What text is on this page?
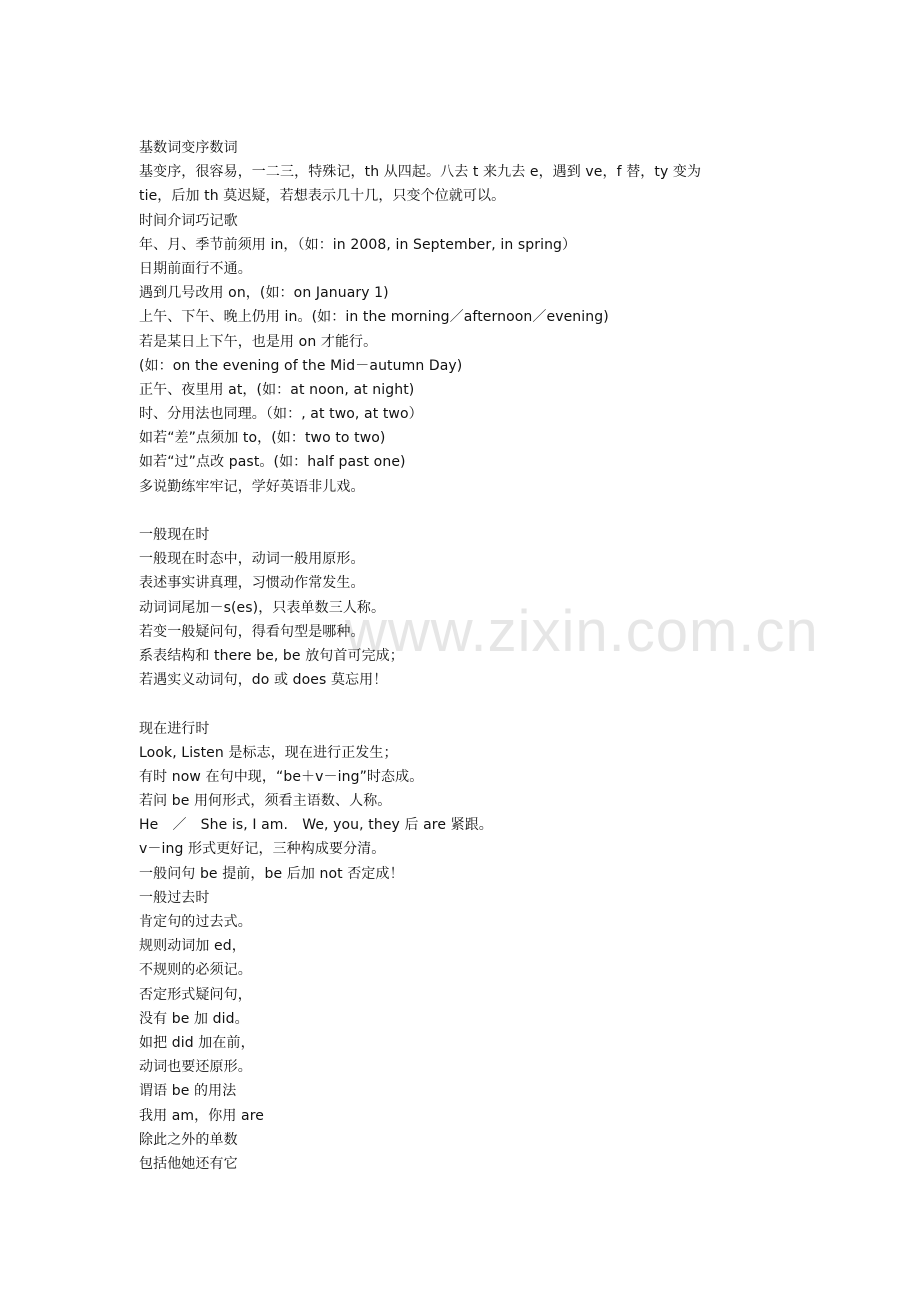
www.zixin.com.cn
基数词变序数词
基变序，很容易，一二三，特殊记，th 从四起。八去 t 来九去 e，遇到 ve，f 替，ty 变为
tie，后加 th 莫迟疑，若想表示几十几，只变个位就可以。
时间介词巧记歌
年、月、季节前须用 in，（如：in 2008, in September, in spring）
日期前面行不通。
遇到几号改用 on，(如：on January 1)
上午、下午、晚上仍用 in。(如：in the morning／afternoon／evening)
若是某日上下午，也是用 on 才能行。
(如：on the evening of the Mid－autumn Day)
正午、夜里用 at，(如：at noon, at night)
时、分用法也同理。（如：, at two, at two）
如若“差”点须加 to，(如：two to two)
如若“过”点改 past。(如：half past one)
多说勤练牢牢记，学好英语非儿戏。
一般现在时
一般现在时态中，动词一般用原形。
表述事实讲真理，习惯动作常发生。
动词词尾加－s(es)，只表单数三人称。
若变一般疑问句，得看句型是哪种。
系表结构和 there be, be 放句首可完成；
若遇实义动词句，do 或 does 莫忘用！
现在进行时
Look, Listen 是标志，现在进行正发生；
有时 now 在句中现，“be＋v－ing”时态成。
若问 be 用何形式，须看主语数、人称。
He　／　She is, I am.　We, you, they 后 are 紧跟。
v－ing 形式更好记，三种构成要分清。
一般问句 be 提前，be 后加 not 否定成！
一般过去时
肯定句的过去式。
规则动词加 ed，
不规则的必须记。
否定形式疑问句，
没有 be 加 did。
如把 did 加在前，
动词也要还原形。
谓语 be 的用法
我用 am，你用 are
除此之外的单数
包括他她还有它
